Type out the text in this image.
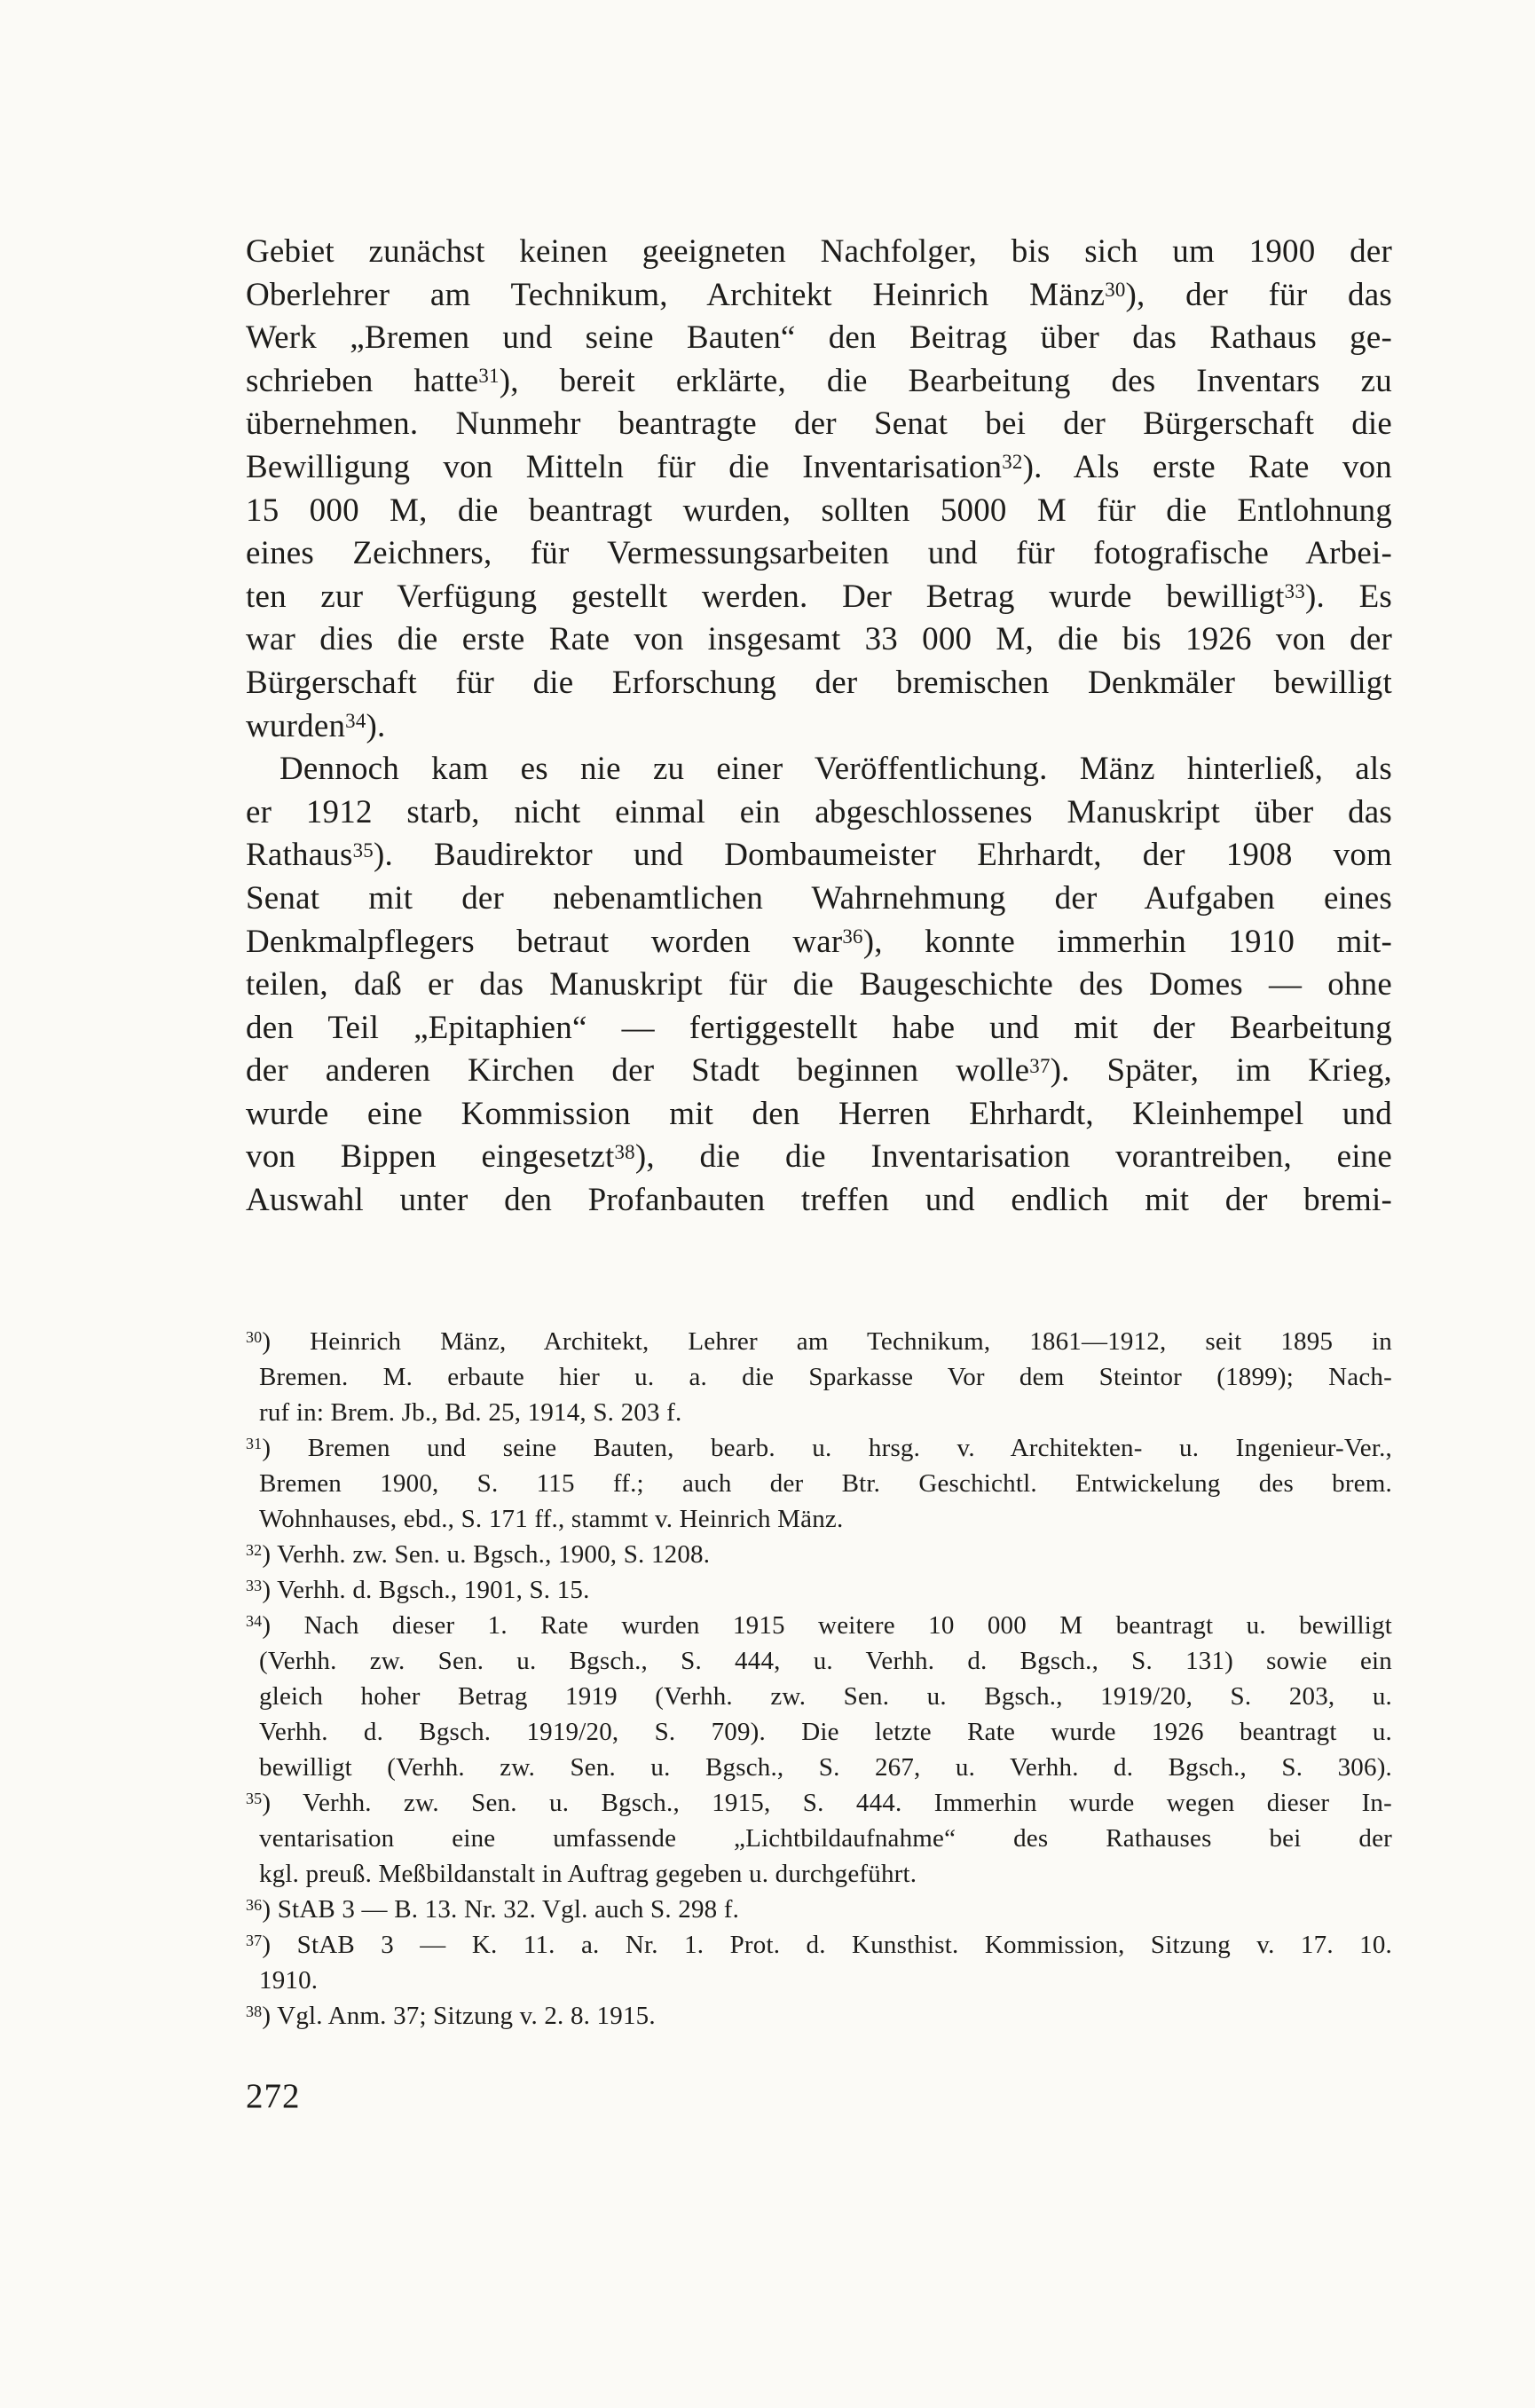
Gebiet zunächst keinen geeigneten Nachfolger, bis sich um 1900 der
Oberlehrer am Technikum, Architekt Heinrich Mänz$^{30}$), der für das
Werk „Bremen und seine Bauten“ den Beitrag über das Rathaus ge-
schrieben hatte$^{31}$), bereit erklärte, die Bearbeitung des Inventars zu
übernehmen. Nunmehr beantragte der Senat bei der Bürgerschaft die
Bewilligung von Mitteln für die Inventarisation$^{32}$). Als erste Rate von
15 000 M, die beantragt wurden, sollten 5000 M für die Entlohnung
eines Zeichners, für Vermessungsarbeiten und für fotografische Arbei-
ten zur Verfügung gestellt werden. Der Betrag wurde bewilligt$^{33}$). Es
war dies die erste Rate von insgesamt 33 000 M, die bis 1926 von der
Bürgerschaft für die Erforschung der bremischen Denkmäler bewilligt
wurden$^{34}$).
Dennoch kam es nie zu einer Veröffentlichung. Mänz hinterließ, als
er 1912 starb, nicht einmal ein abgeschlossenes Manuskript über das
Rathaus$^{35}$). Baudirektor und Dombaumeister Ehrhardt, der 1908 vom
Senat mit der nebenamtlichen Wahrnehmung der Aufgaben eines
Denkmalpflegers betraut worden war$^{36}$), konnte immerhin 1910 mit-
teilen, daß er das Manuskript für die Baugeschichte des Domes — ohne
den Teil „Epitaphien“ — fertiggestellt habe und mit der Bearbeitung
der anderen Kirchen der Stadt beginnen wolle$^{37}$). Später, im Krieg,
wurde eine Kommission mit den Herren Ehrhardt, Kleinhempel und
von Bippen eingesetzt$^{38}$), die die Inventarisation vorantreiben, eine
Auswahl unter den Profanbauten treffen und endlich mit der bremi-
$^{30}$) Heinrich Mänz, Architekt, Lehrer am Technikum, 1861—1912, seit 1895 in
Bremen. M. erbaute hier u. a. die Sparkasse Vor dem Steintor (1899); Nach-
ruf in: Brem. Jb., Bd. 25, 1914, S. 203 f.
$^{31}$) Bremen und seine Bauten, bearb. u. hrsg. v. Architekten- u. Ingenieur-Ver.,
Bremen 1900, S. 115 ff.; auch der Btr. Geschichtl. Entwickelung des brem.
Wohnhauses, ebd., S. 171 ff., stammt v. Heinrich Mänz.
$^{32}$) Verhh. zw. Sen. u. Bgsch., 1900, S. 1208.
$^{33}$) Verhh. d. Bgsch., 1901, S. 15.
$^{34}$) Nach dieser 1. Rate wurden 1915 weitere 10 000 M beantragt u. bewilligt
(Verhh. zw. Sen. u. Bgsch., S. 444, u. Verhh. d. Bgsch., S. 131) sowie ein
gleich hoher Betrag 1919 (Verhh. zw. Sen. u. Bgsch., 1919/20, S. 203, u.
Verhh. d. Bgsch. 1919/20, S. 709). Die letzte Rate wurde 1926 beantragt u.
bewilligt (Verhh. zw. Sen. u. Bgsch., S. 267, u. Verhh. d. Bgsch., S. 306).
$^{35}$) Verhh. zw. Sen. u. Bgsch., 1915, S. 444. Immerhin wurde wegen dieser In-
ventarisation eine umfassende „Lichtbildaufnahme“ des Rathauses bei der
kgl. preuß. Meßbildanstalt in Auftrag gegeben u. durchgeführt.
$^{36}$) StAB 3 — B. 13. Nr. 32. Vgl. auch S. 298 f.
$^{37}$) StAB 3 — K. 11. a. Nr. 1. Prot. d. Kunsthist. Kommission, Sitzung v. 17. 10.
1910.
$^{38}$) Vgl. Anm. 37; Sitzung v. 2. 8. 1915.
272
